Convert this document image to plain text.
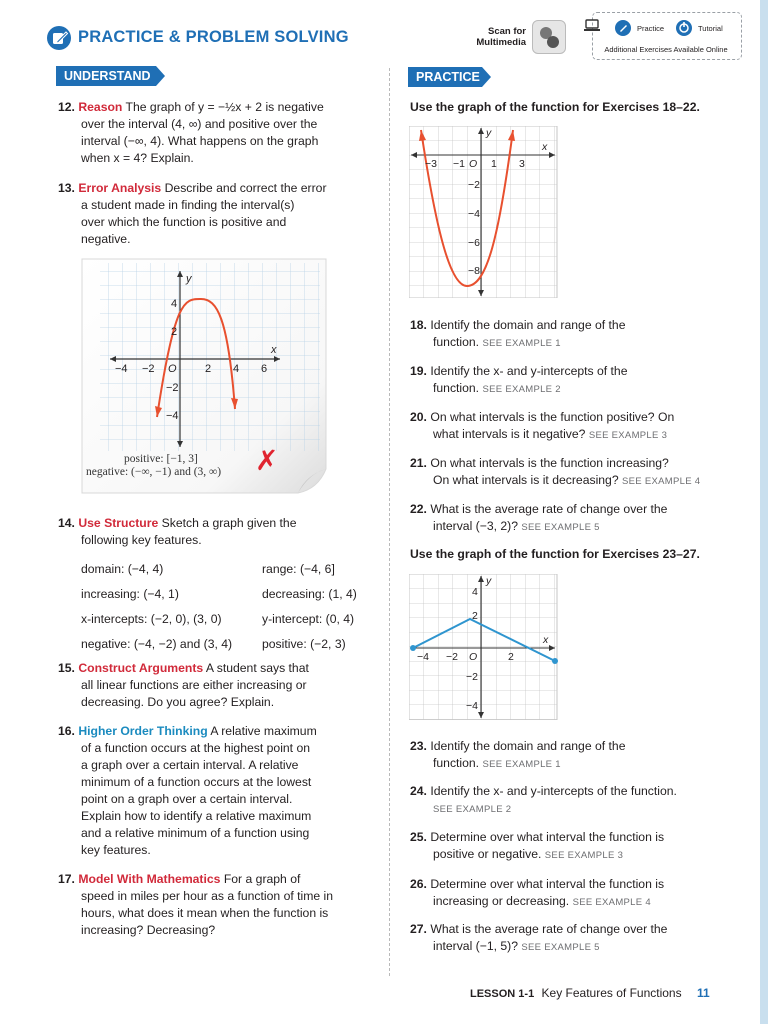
PRACTICE & PROBLEM SOLVING	Scan for
Multimedia
Practice	Tutorial
Additional Exercises Available Online
UNDERSTAND	PRACTICE
12. Reason The graph of y = −½x + 2 is negative
over the interval (4, ∞) and positive over the
interval (−∞, 4). What happens on the graph
when x = 4? Explain.
13. Error Analysis Describe and correct the error
a student made in finding the interval(s)
over which the function is positive and
negative.
−4 −2 O	2 4 6
4
2
−2
−4
x
y
positive: [−1, 3]
negative: (−∞, −1) and (3, ∞) ✗
14. Use Structure Sketch a graph given the
following key features.
domain: (−4, 4)	range: (−4, 6]
increasing: (−4, 1)	decreasing: (1, 4)
x-intercepts: (−2, 0), (3, 0)	y-intercept: (0, 4)
negative: (−4, −2) and (3, 4) positive: (−2, 3)
15. Construct Arguments A student says that
all linear functions are either increasing or
decreasing. Do you agree? Explain.
16. Higher Order Thinking A relative maximum
of a function occurs at the highest point on
a graph over a certain interval. A relative
minimum of a function occurs at the lowest
point on a graph over a certain interval.
Explain how to identify a relative maximum
and a relative minimum of a function using
key features.
17. Model With Mathematics For a graph of
speed in miles per hour as a function of time in
hours, what does it mean when the function is
increasing? Decreasing?
Use the graph of the function for Exercises 18–22.
−3 −1 O 1 3
−2
−4
−6
−8
x
y
18. Identify the domain and range of the
function. SEE EXAMPLE 1
19. Identify the x- and y-intercepts of the
function. SEE EXAMPLE 2
20. On what intervals is the function positive? On
what intervals is it negative? SEE EXAMPLE 3
21. On what intervals is the function increasing?
On what intervals is it decreasing? SEE EXAMPLE 4
22. What is the average rate of change over the
interval (−3, 2)? SEE EXAMPLE 5
Use the graph of the function for Exercises 23–27.
−4 −2 O	2
4
2
−2
−4
x
y
23. Identify the domain and range of the
function. SEE EXAMPLE 1
24. Identify the x- and y-intercepts of the function.
SEE EXAMPLE 2
25. Determine over what interval the function is
positive or negative. SEE EXAMPLE 3
26. Determine over what interval the function is
increasing or decreasing. SEE EXAMPLE 4
27. What is the average rate of change over the
interval (−1, 5)? SEE EXAMPLE 5
LESSON 1-1 Key Features of Functions 11
